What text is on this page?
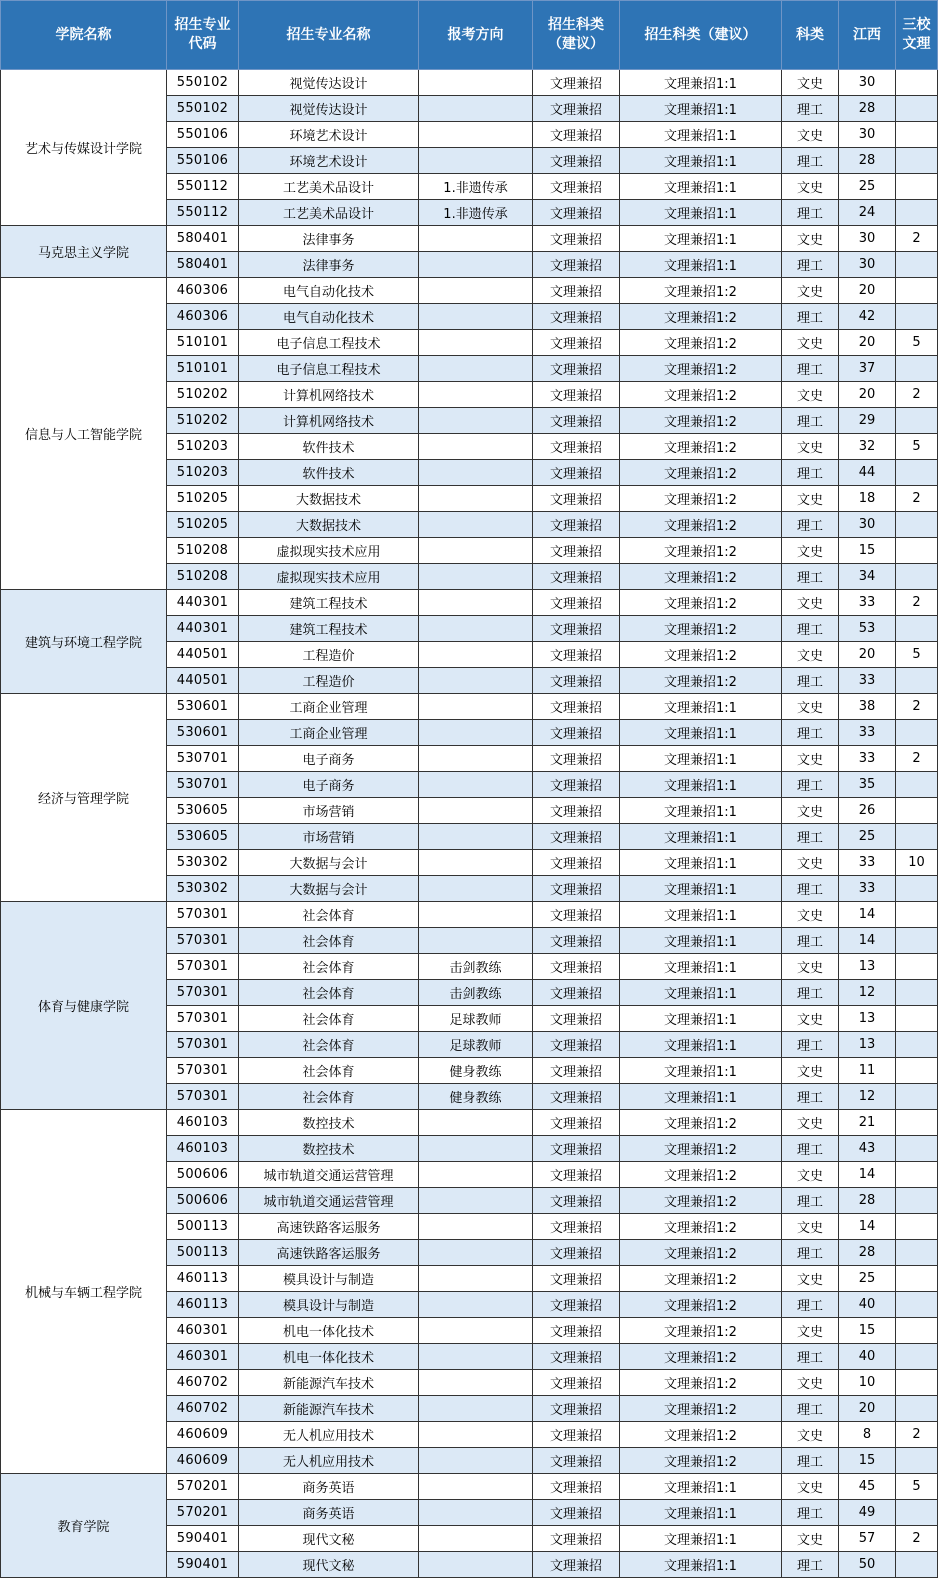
学院名称	招生专业代码	招生专业名称	报考方向	招生科类（建议）	招生科类（建议）	科类	江西	三校文理
艺术与传媒设计学院	550102	视觉传达设计		文理兼招	文理兼招1:1	文史	30	
	550102	视觉传达设计		文理兼招	文理兼招1:1	理工	28	
	550106	环境艺术设计		文理兼招	文理兼招1:1	文史	30	
	550106	环境艺术设计		文理兼招	文理兼招1:1	理工	28	
	550112	工艺美术品设计	1.非遗传承	文理兼招	文理兼招1:1	文史	25	
	550112	工艺美术品设计	1.非遗传承	文理兼招	文理兼招1:1	理工	24	
马克思主义学院	580401	法律事务		文理兼招	文理兼招1:1	文史	30	2
	580401	法律事务		文理兼招	文理兼招1:1	理工	30	
信息与人工智能学院	460306	电气自动化技术		文理兼招	文理兼招1:2	文史	20	
	460306	电气自动化技术		文理兼招	文理兼招1:2	理工	42	
	510101	电子信息工程技术		文理兼招	文理兼招1:2	文史	20	5
	510101	电子信息工程技术		文理兼招	文理兼招1:2	理工	37	
	510202	计算机网络技术		文理兼招	文理兼招1:2	文史	20	2
	510202	计算机网络技术		文理兼招	文理兼招1:2	理工	29	
	510203	软件技术		文理兼招	文理兼招1:2	文史	32	5
	510203	软件技术		文理兼招	文理兼招1:2	理工	44	
	510205	大数据技术		文理兼招	文理兼招1:2	文史	18	2
	510205	大数据技术		文理兼招	文理兼招1:2	理工	30	
	510208	虚拟现实技术应用		文理兼招	文理兼招1:2	文史	15	
	510208	虚拟现实技术应用		文理兼招	文理兼招1:2	理工	34	
建筑与环境工程学院	440301	建筑工程技术		文理兼招	文理兼招1:2	文史	33	2
	440301	建筑工程技术		文理兼招	文理兼招1:2	理工	53	
	440501	工程造价		文理兼招	文理兼招1:2	文史	20	5
	440501	工程造价		文理兼招	文理兼招1:2	理工	33	
经济与管理学院	530601	工商企业管理		文理兼招	文理兼招1:1	文史	38	2
	530601	工商企业管理		文理兼招	文理兼招1:1	理工	33	
	530701	电子商务		文理兼招	文理兼招1:1	文史	33	2
	530701	电子商务		文理兼招	文理兼招1:1	理工	35	
	530605	市场营销		文理兼招	文理兼招1:1	文史	26	
	530605	市场营销		文理兼招	文理兼招1:1	理工	25	
	530302	大数据与会计		文理兼招	文理兼招1:1	文史	33	10
	530302	大数据与会计		文理兼招	文理兼招1:1	理工	33	
体育与健康学院	570301	社会体育		文理兼招	文理兼招1:1	文史	14	
	570301	社会体育		文理兼招	文理兼招1:1	理工	14	
	570301	社会体育	击剑教练	文理兼招	文理兼招1:1	文史	13	
	570301	社会体育	击剑教练	文理兼招	文理兼招1:1	理工	12	
	570301	社会体育	足球教师	文理兼招	文理兼招1:1	文史	13	
	570301	社会体育	足球教师	文理兼招	文理兼招1:1	理工	13	
	570301	社会体育	健身教练	文理兼招	文理兼招1:1	文史	11	
	570301	社会体育	健身教练	文理兼招	文理兼招1:1	理工	12	
机械与车辆工程学院	460103	数控技术		文理兼招	文理兼招1:2	文史	21	
	460103	数控技术		文理兼招	文理兼招1:2	理工	43	
	500606	城市轨道交通运营管理		文理兼招	文理兼招1:2	文史	14	
	500606	城市轨道交通运营管理		文理兼招	文理兼招1:2	理工	28	
	500113	高速铁路客运服务		文理兼招	文理兼招1:2	文史	14	
	500113	高速铁路客运服务		文理兼招	文理兼招1:2	理工	28	
	460113	模具设计与制造		文理兼招	文理兼招1:2	文史	25	
	460113	模具设计与制造		文理兼招	文理兼招1:2	理工	40	
	460301	机电一体化技术		文理兼招	文理兼招1:2	文史	15	
	460301	机电一体化技术		文理兼招	文理兼招1:2	理工	40	
	460702	新能源汽车技术		文理兼招	文理兼招1:2	文史	10	
	460702	新能源汽车技术		文理兼招	文理兼招1:2	理工	20	
	460609	无人机应用技术		文理兼招	文理兼招1:2	文史	8	2
	460609	无人机应用技术		文理兼招	文理兼招1:2	理工	15	
教育学院	570201	商务英语		文理兼招	文理兼招1:1	文史	45	5
	570201	商务英语		文理兼招	文理兼招1:1	理工	49	
	590401	现代文秘		文理兼招	文理兼招1:1	文史	57	2
	590401	现代文秘		文理兼招	文理兼招1:1	理工	50	
